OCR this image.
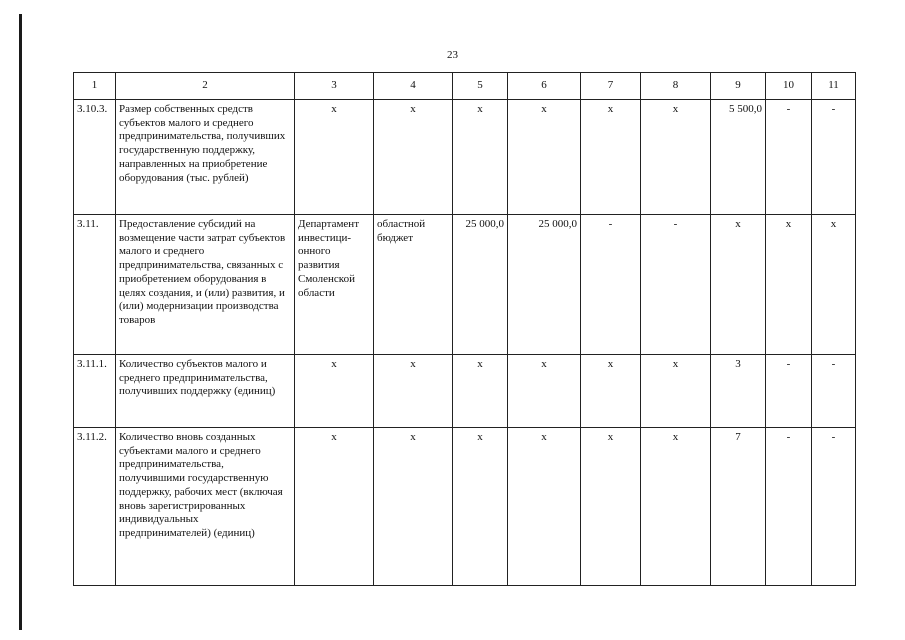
23
1	2	3	4	5	6	7	8	9	10	11
3.10.3.	Размер собственных средств субъектов малого и среднего предпринимательства, получивших государственную поддержку, направленных на приобретение оборудования (тыс. рублей)	х	х	х	х	х	х	5 500,0	-	-
3.11.	Предоставление субсидий на возмещение части затрат субъектов малого и среднего предпринимательства, связанных с приобретением оборудования в целях создания, и (или) развития, и (или) модернизации производства товаров	Департамент инвестици-онного развития Смоленской области	областной бюджет	25 000,0	25 000,0	-	-	х	х	х
3.11.1.	Количество субъектов малого и среднего предпринимательства, получивших поддержку (единиц)	х	х	х	х	х	х	3	-	-
3.11.2.	Количество вновь созданных субъектами малого и среднего предпринимательства, получившими государственную поддержку, рабочих мест (включая вновь зарегистрированных индивидуальных предпринимателей) (единиц)	х	х	х	х	х	х	7	-	-
